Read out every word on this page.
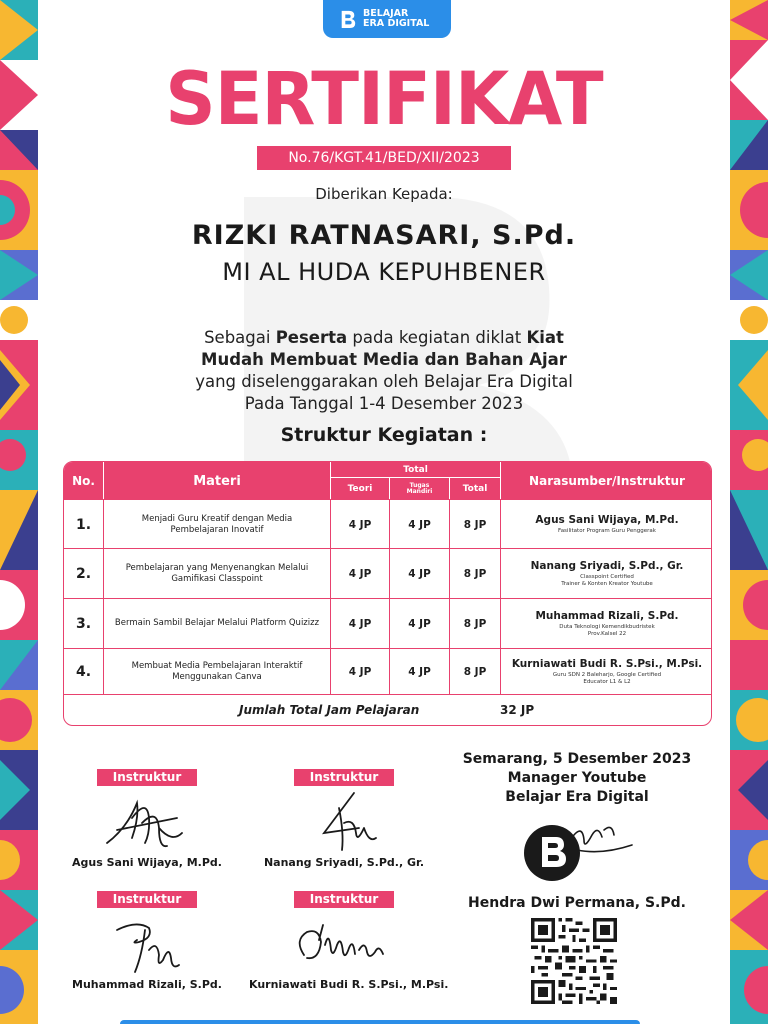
BELAJAR
ERA DIGITAL
SERTIFIKAT
No.76/KGT.41/BED/XII/2023
Diberikan Kepada:
RIZKI RATNASARI, S.Pd.
MI AL HUDA KEPUHBENER
Sebagai Peserta pada kegiatan diklat Kiat
Mudah Membuat Media dan Bahan Ajar
yang diselenggarakan oleh Belajar Era Digital
Pada Tanggal 1-4 Desember 2023
Struktur Kegiatan :
No.	Materi
Total
Teori	Tugas
Mandiri	Total
Narasumber/Instruktur
1.	Menjadi Guru Kreatif dengan Media Pembelajaran Inovatif	4 JP	4 JP	8 JP	Agus Sani Wijaya, M.Pd.
Fasilitator Program Guru Penggerak
2.	Pembelajaran yang Menyenangkan Melalui Gamifikasi Classpoint	4 JP	4 JP	8 JP
Nanang Sriyadi, S.Pd., Gr.
Classpoint Certified
Trainer & Konten Kreator Youtube
3.	Bermain Sambil Belajar Melalui Platform Quizizz	4 JP	4 JP	8 JP
Muhammad Rizali, S.Pd.
Duta Teknologi Kemendikbudristek
Prov.Kalsel 22
4.	Membuat Media Pembelajaran Interaktif Menggunakan Canva	4 JP	4 JP	8 JP
Kurniawati Budi R. S.Psi., M.Psi.
Guru SDN 2 Baleharjo, Google Certified
Educator L1 & L2
Jumlah Total Jam Pelajaran	32 JP
Instruktur
Agus Sani Wijaya, M.Pd.
Instruktur
Nanang Sriyadi, S.Pd., Gr.
Instruktur
Muhammad Rizali, S.Pd.
Instruktur
Kurniawati Budi R. S.Psi., M.Psi.
Semarang, 5 Desember 2023
Manager Youtube
Belajar Era Digital
Hendra Dwi Permana, S.Pd.
